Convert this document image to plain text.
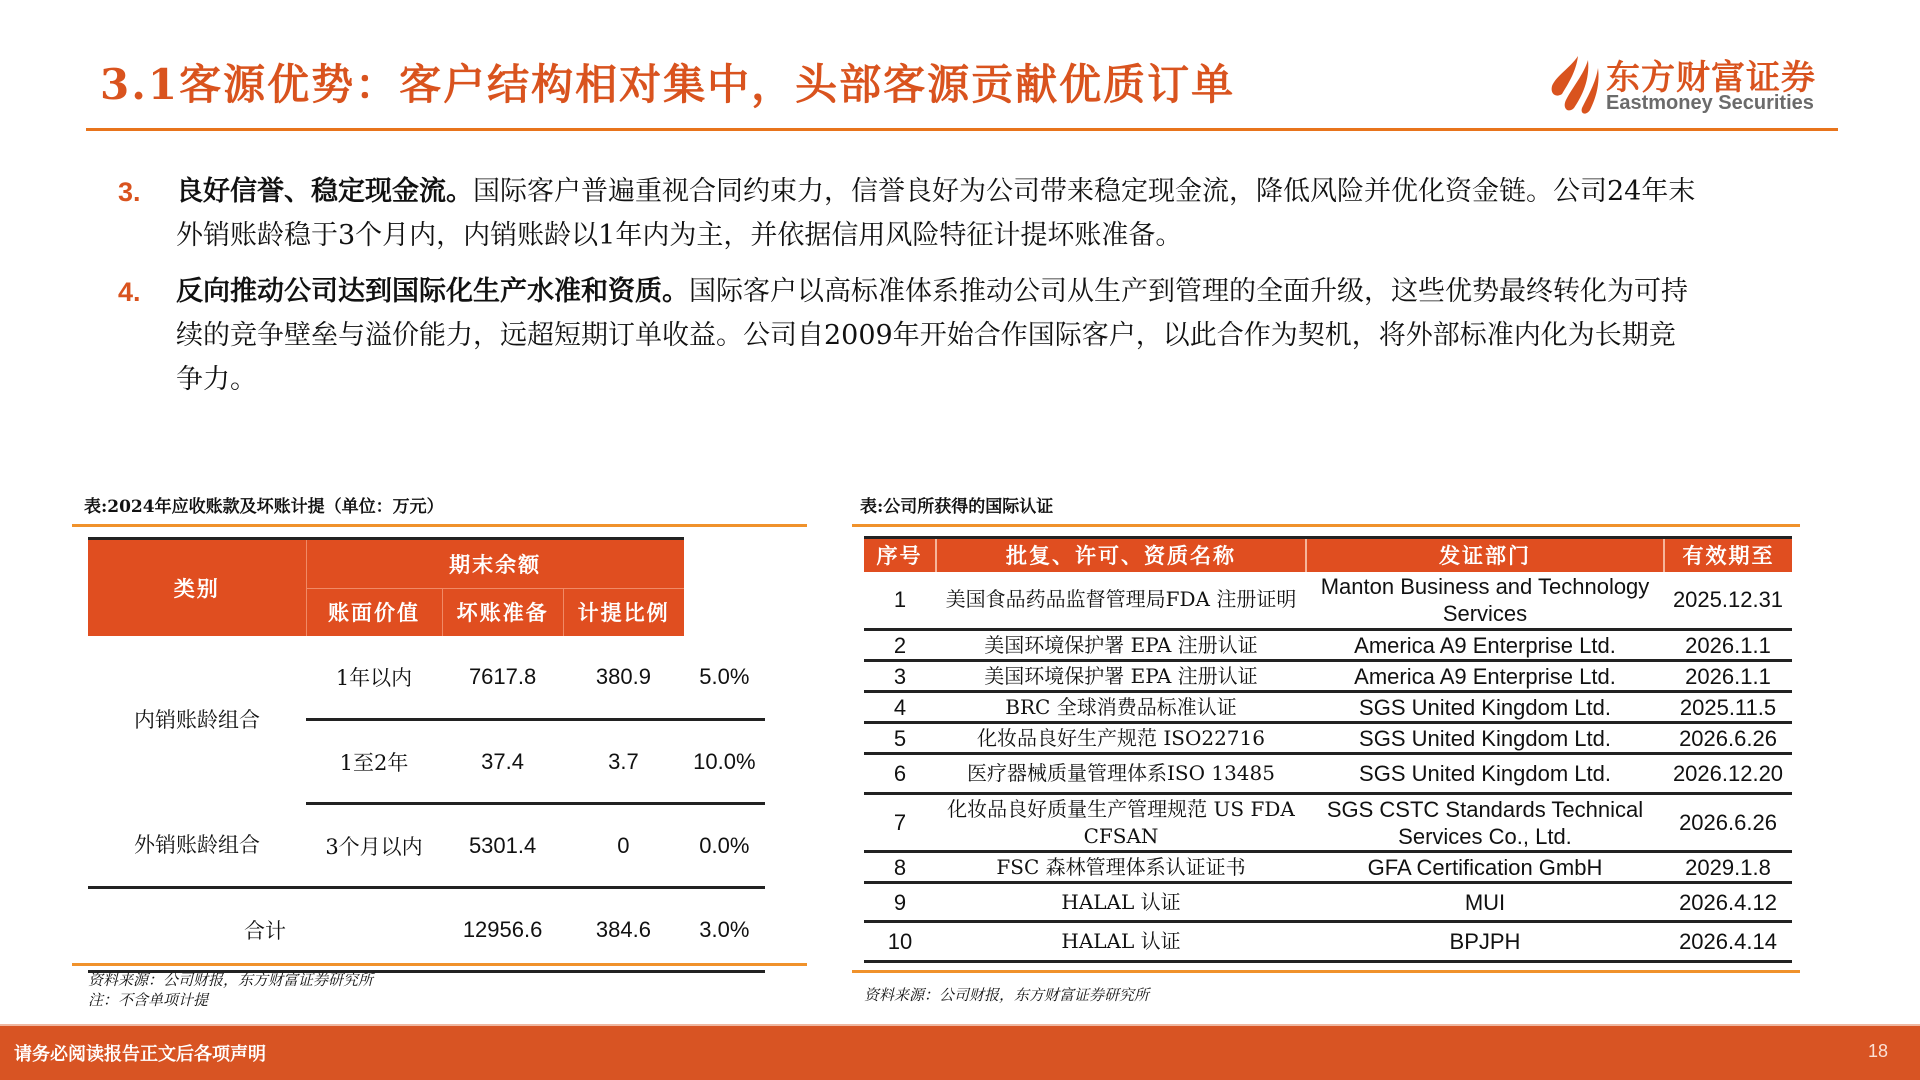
3.1客源优势：客户结构相对集中，头部客源贡献优质订单	东方财富证券
Eastmoney Securities
3. 良好信誉、稳定现金流。国际客户普遍重视合同约束力，信誉良好为公司带来稳定现金流，降低风险并优化资金链。公司24年末外销账龄稳于3个月内，内销账龄以1年内为主，并依据信用风险特征计提坏账准备。
4. 反向推动公司达到国际化生产水准和资质。国际客户以高标准体系推动公司从生产到管理的全面升级，这些优势最终转化为可持续的竞争壁垒与溢价能力，远超短期订单收益。公司自2009年开始合作国际客户，以此合作为契机，将外部标准内化为长期竞争力。
表:2024年应收账款及坏账计提（单位：万元）
类别	期末余额			
	账面价值	坏账准备	计提比例	
内销账龄组合	1年以内	7617.8	380.9	5.0%
	1至2年	37.4	3.7	10.0%
外销账龄组合	3个月以内	5301.4	0	0.0%
合计		12956.6	384.6	3.0%
资料来源：公司财报，东方财富证券研究所
注：不含单项计提
表:公司所获得的国际认证
序号	批复、许可、资质名称	发证部门	有效期至
1	美国食品药品监督管理局FDA 注册证明	Manton Business and Technology Services	2025.12.31
2	美国环境保护署 EPA 注册认证	America A9 Enterprise Ltd.	2026.1.1
3	美国环境保护署 EPA 注册认证	America A9 Enterprise Ltd.	2026.1.1
4	BRC 全球消费品标准认证	SGS United Kingdom Ltd.	2025.11.5
5	化妆品良好生产规范 ISO22716	SGS United Kingdom Ltd.	2026.6.26
6	医疗器械质量管理体系ISO 13485	SGS United Kingdom Ltd.	2026.12.20
7	化妆品良好质量生产管理规范 US FDA CFSAN	SGS CSTC Standards Technical Services Co., Ltd.	2026.6.26
8	FSC 森林管理体系认证证书	GFA Certification GmbH	2029.1.8
9	HALAL 认证	MUI	2026.4.12
10	HALAL 认证	BPJPH	2026.4.14
资料来源：公司财报，东方财富证券研究所
请务必阅读报告正文后各项声明	18
